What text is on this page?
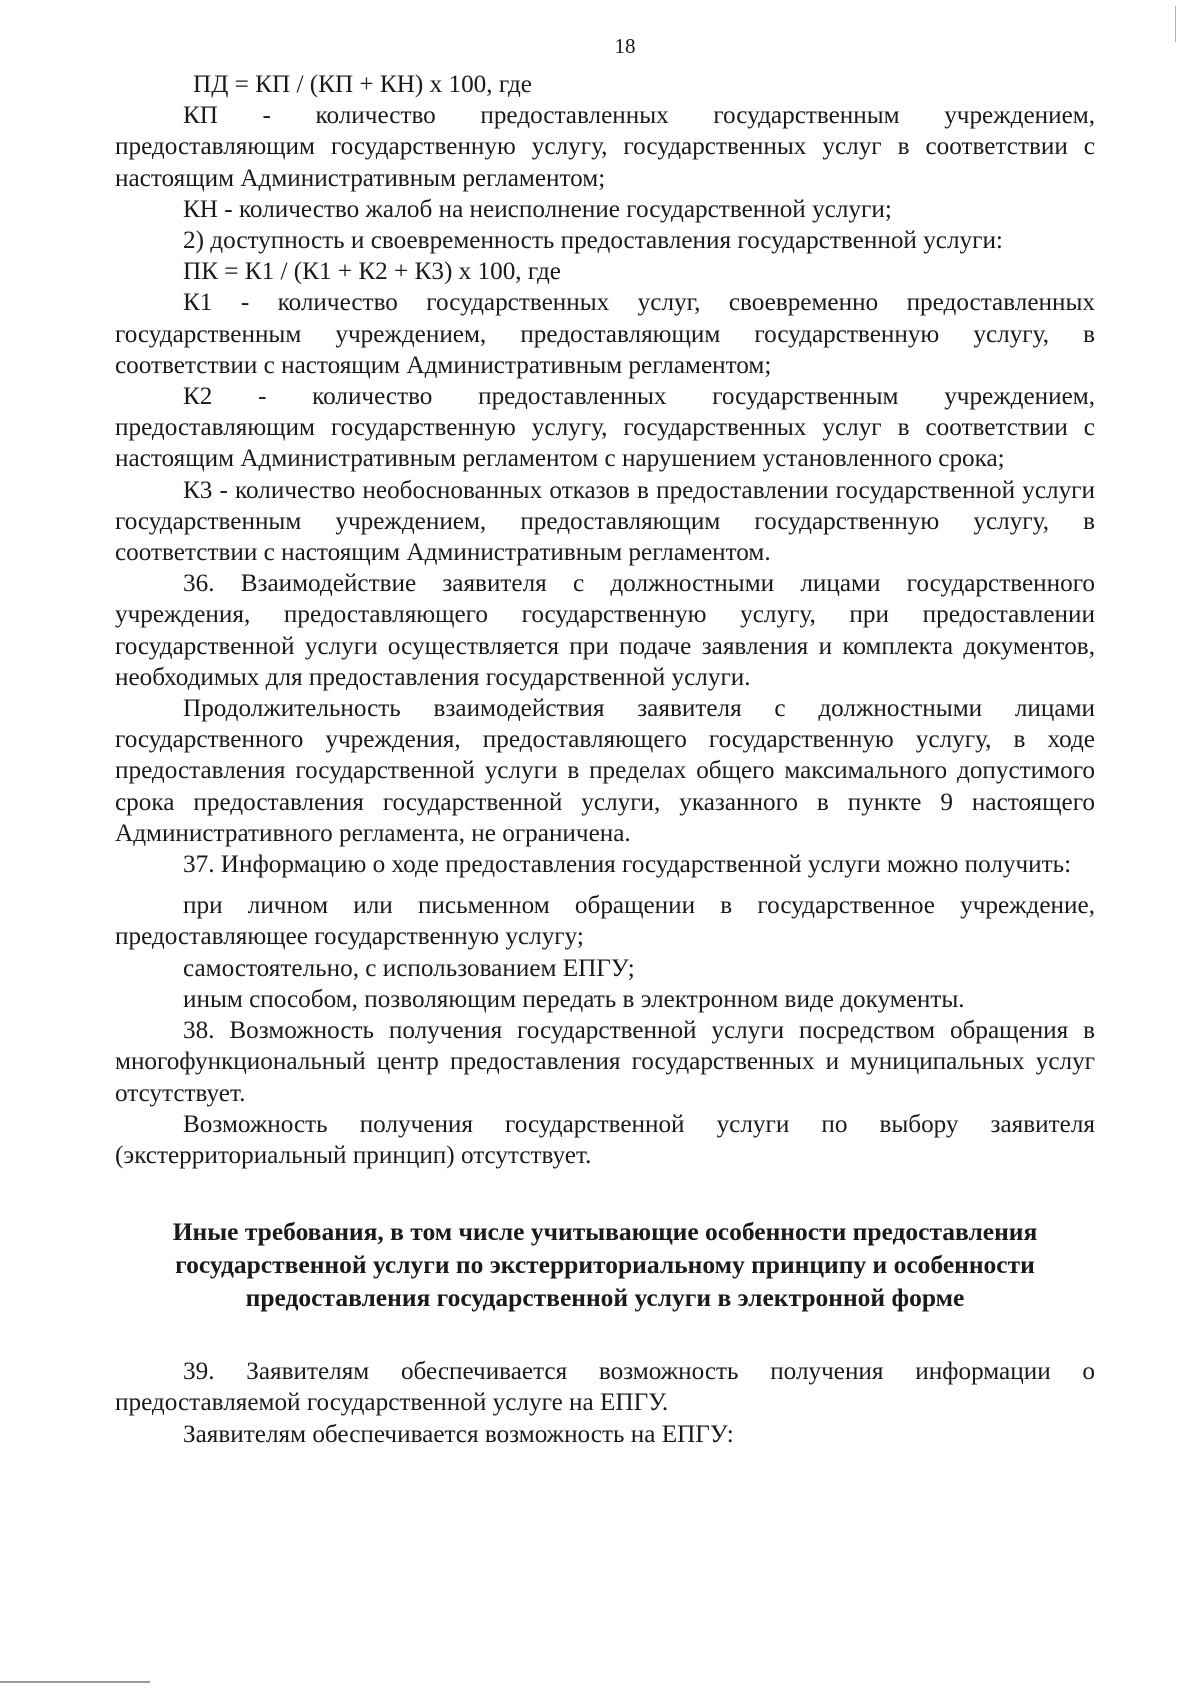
18

ПД = КП / (КП + КН) х 100, где

КП - количество предоставленных государственным учреждением, предоставляющим государственную услугу, государственных услуг в соответствии с настоящим Административным регламентом;

КН - количество жалоб на неисполнение государственной услуги;

2) доступность и своевременность предоставления государственной услуги:

ПК = К1 / (К1 + К2 + К3) х 100, где

К1 - количество государственных услуг, своевременно предоставленных государственным учреждением, предоставляющим государственную услугу, в соответствии с настоящим Административным регламентом;

К2 - количество предоставленных государственным учреждением, предоставляющим государственную услугу, государственных услуг в соответствии с настоящим Административным регламентом с нарушением установленного срока;

К3 - количество необоснованных отказов в предоставлении государственной услуги государственным учреждением, предоставляющим государственную услугу, в соответствии с настоящим Административным регламентом.

36. Взаимодействие заявителя с должностными лицами государственного учреждения, предоставляющего государственную услугу, при предоставлении государственной услуги осуществляется при подаче заявления и комплекта документов, необходимых для предоставления государственной услуги.

Продолжительность взаимодействия заявителя с должностными лицами государственного учреждения, предоставляющего государственную услугу, в ходе предоставления государственной услуги в пределах общего максимального допустимого срока предоставления государственной услуги, указанного в пункте 9 настоящего Административного регламента, не ограничена.

37. Информацию о ходе предоставления государственной услуги можно получить:

при личном или письменном обращении в государственное учреждение, предоставляющее государственную услугу;

самостоятельно, с использованием ЕПГУ;

иным способом, позволяющим передать в электронном виде документы.

38. Возможность получения государственной услуги посредством обращения в многофункциональный центр предоставления государственных и муниципальных услуг отсутствует.

Возможность получения государственной услуги по выбору заявителя (экстерриториальный принцип) отсутствует.

Иные требования, в том числе учитывающие особенности предоставления

государственной услуги по экстерриториальному принципу и особенности

предоставления государственной услуги в электронной форме

39. Заявителям обеспечивается возможность получения информации о предоставляемой государственной услуге на ЕПГУ.

Заявителям обеспечивается возможность на ЕПГУ:
